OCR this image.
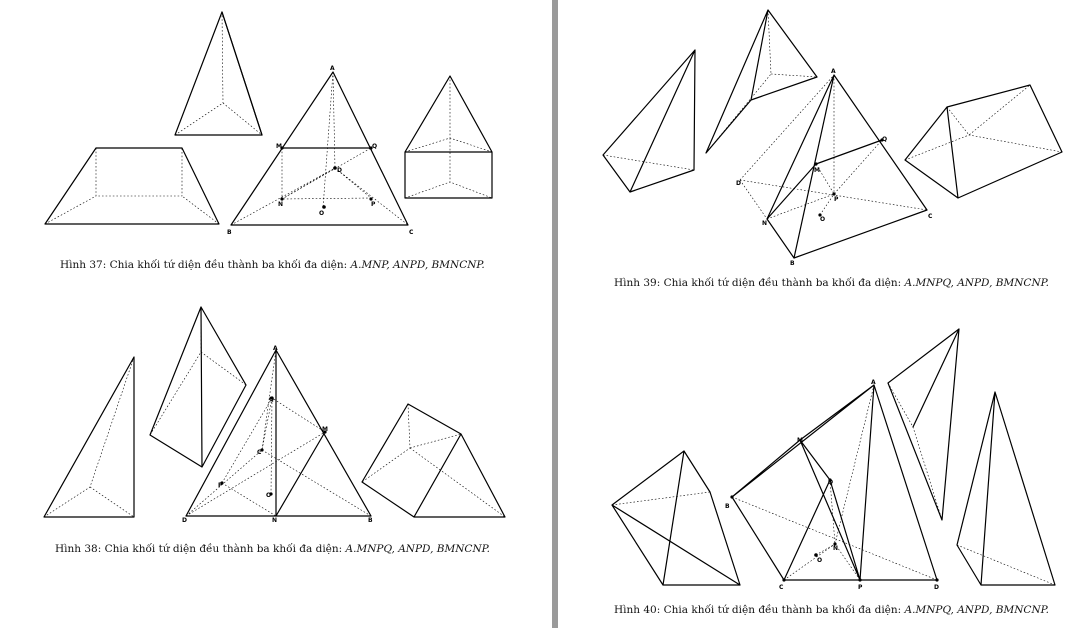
A
B	C
D
M	Q
N	P
O
Hình 37: Chia khối tứ diện đều thành ba khối đa diện: A.MNP, ANPD, BMNCNP.
A
D	N	B
M
Q
C
P
O
Hình 38: Chia khối tứ diện đều thành ba khối đa diện: A.MNPQ, ANPD, BMNCNP.
A
D
N
B
C
M
Q
P
O
Hình 39: Chia khối tứ diện đều thành ba khối đa diện: A.MNPQ, ANPD, BMNCNP.
A
B
C	P	D
M
Q
N
O
Hình 40: Chia khối tứ diện đều thành ba khối đa diện: A.MNPQ, ANPD, BMNCNP.
